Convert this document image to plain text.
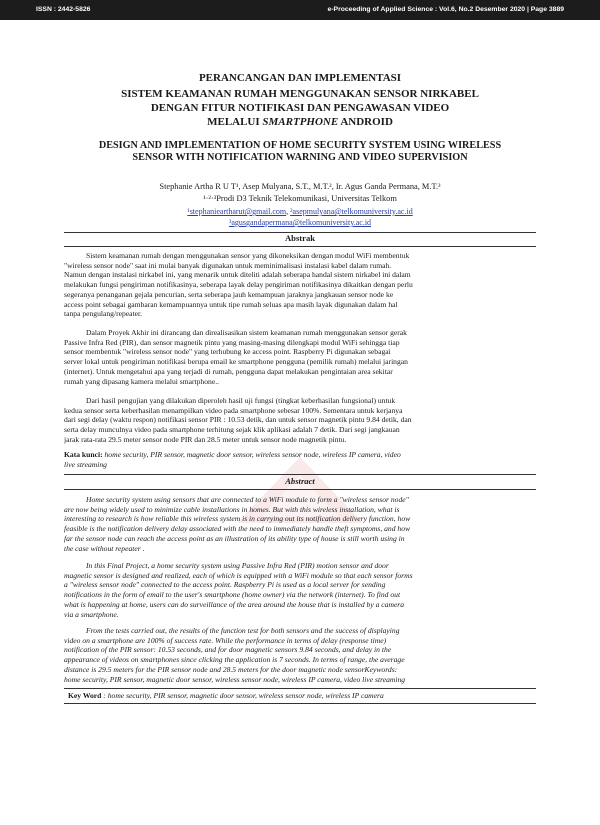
ISSN : 2442-5826	e-Proceeding of Applied Science : Vol.6, No.2 Desember 2020 | Page 3889
PERANCANGAN DAN IMPLEMENTASI
SISTEM KEAMANAN RUMAH MENGGUNAKAN SENSOR NIRKABEL
DENGAN FITUR NOTIFIKASI DAN PENGAWASAN VIDEO
MELALUI SMARTPHONE ANDROID
DESIGN AND IMPLEMENTATION OF HOME SECURITY SYSTEM USING WIRELESS
SENSOR WITH NOTIFICATION WARNING AND VIDEO SUPERVISION
Stephanie Artha R U T¹, Asep Mulyana, S.T., M.T.², Ir. Agus Ganda Permana, M.T.³
¹·²·³Prodi D3 Teknik Telekomunikasi, Universitas Telkom
¹stephanieartharut@gmail.com, ²asepmulyana@telkomuniversity.ac.id
³agusgandapermana@telkomuniversity.ac.id
Abstrak
Sistem keamanan rumah dengan menggunakan sensor yang dikoneksikan dengan modul WiFi membentuk
"wireless sensor node" saat ini mulai banyak digunakan untuk meminimalisasi instalasi kabel dalam rumah.
Namun dengan instalasi nirkabel ini, yang menarik untuk diteliti adalah seberapa handal sistem nirkabel ini dalam
melakukan fungsi pengiriman notifikasinya, seberapa layak delay pengiriman notifikasinya dikaitkan dengan perlu
segeranya penanganan gejala pencurian, serta seberapa jauh kemampuan jaraknya jangkauan sensor node ke
access point sebagai gambaran kemampuannya untuk tipe rumah seluas apa masih layak digunakan dalam hal
tanpa pengulang/repeater.
Dalam Proyek Akhir ini dirancang dan direalisasikan sistem keamanan rumah menggunakan sensor gerak
Passive Infra Red (PIR), dan sensor magnetik pintu yang masing-masing dilengkapi modul WiFi sehingga tiap
sensor membentuk "wireless sensor node" yang terhubung ke access point. Raspberry Pi digunakan sebagai
server lokal untuk pengiriman notifikasi berupa email ke smartphone pengguna (pemilik rumah) melalui jaringan
(internet). Untuk mengetahui apa yang terjadi di rumah, pengguna dapat melakukan pengintaian area sekitar
rumah yang dipasang kamera melalui smartphone..
Dari hasil pengujian yang dilakukan diperoleh hasil uji fungsi (tingkat keberhasilan fungsional) untuk
kedua sensor serta keberhasilan menampilkan video pada smartphone sebesar 100%. Sementara untuk kerjanya
dari segi delay (waktu respon) notifikasi sensor PIR : 10.53 detik, dan untuk sensor magnetik pintu 9.84 detik, dan
serta delay munculnya video pada smartphone terhitung sejak klik aplikasi adalah 7 detik. Dari segi jangkauan
jarak rata-rata 29.5 meter sensor node PIR dan 28.5 meter untuk sensor node magnetik pintu.
Kata kunci: home security, PIR sensor, magnetic door sensor, wireless sensor node, wireless IP camera, video
live streaming
Abstract
Home security system using sensors that are connected to a WiFi module to form a "wireless sensor node"
are now being widely used to minimize cable installations in homes. But with this wireless installation, what is
interesting to research is how reliable this wireless system is in carrying out its notification delivery function, how
feasible is the notification delivery delay associated with the need to immediately handle theft symptoms, and how
far the sensor node can reach the access point as an illustration of its ability type of house is still worth using in
the case without repeater .
In this Final Project, a home security system using Passive Infra Red (PIR) motion sensor and door
magnetic sensor is designed and realized, each of which is equipped with a WiFi module so that each sensor forms
a "wireless sensor node" connected to the access point. Raspberry Pi is used as a local server for sending
notifications in the form of email to the user's smartphone (home owner) via the network (internet). To find out
what is happening at home, users can do surveillance of the area around the house that is installed by a camera
via a smartphone.
From the tests carried out, the results of the function test for both sensors and the success of displaying
video on a smartphone are 100% of success rate. While the performance in terms of delay (response time)
notification of the PIR sensor: 10.53 seconds, and for door magnetic sensors 9.84 seconds, and delay in the
appearance of videos on smartphones since clicking the application is 7 seconds. In terms of range, the average
distance is 29.5 meters for the PIR sensor node and 28.5 meters for the door magnetic node sensorKeywords:
home security, PIR sensor, magnetic door sensor, wireless sensor node, wireless IP camera, video live streaming
Key Word : home security, PIR sensor, magnetic door sensor, wireless sensor node, wireless IP camera
